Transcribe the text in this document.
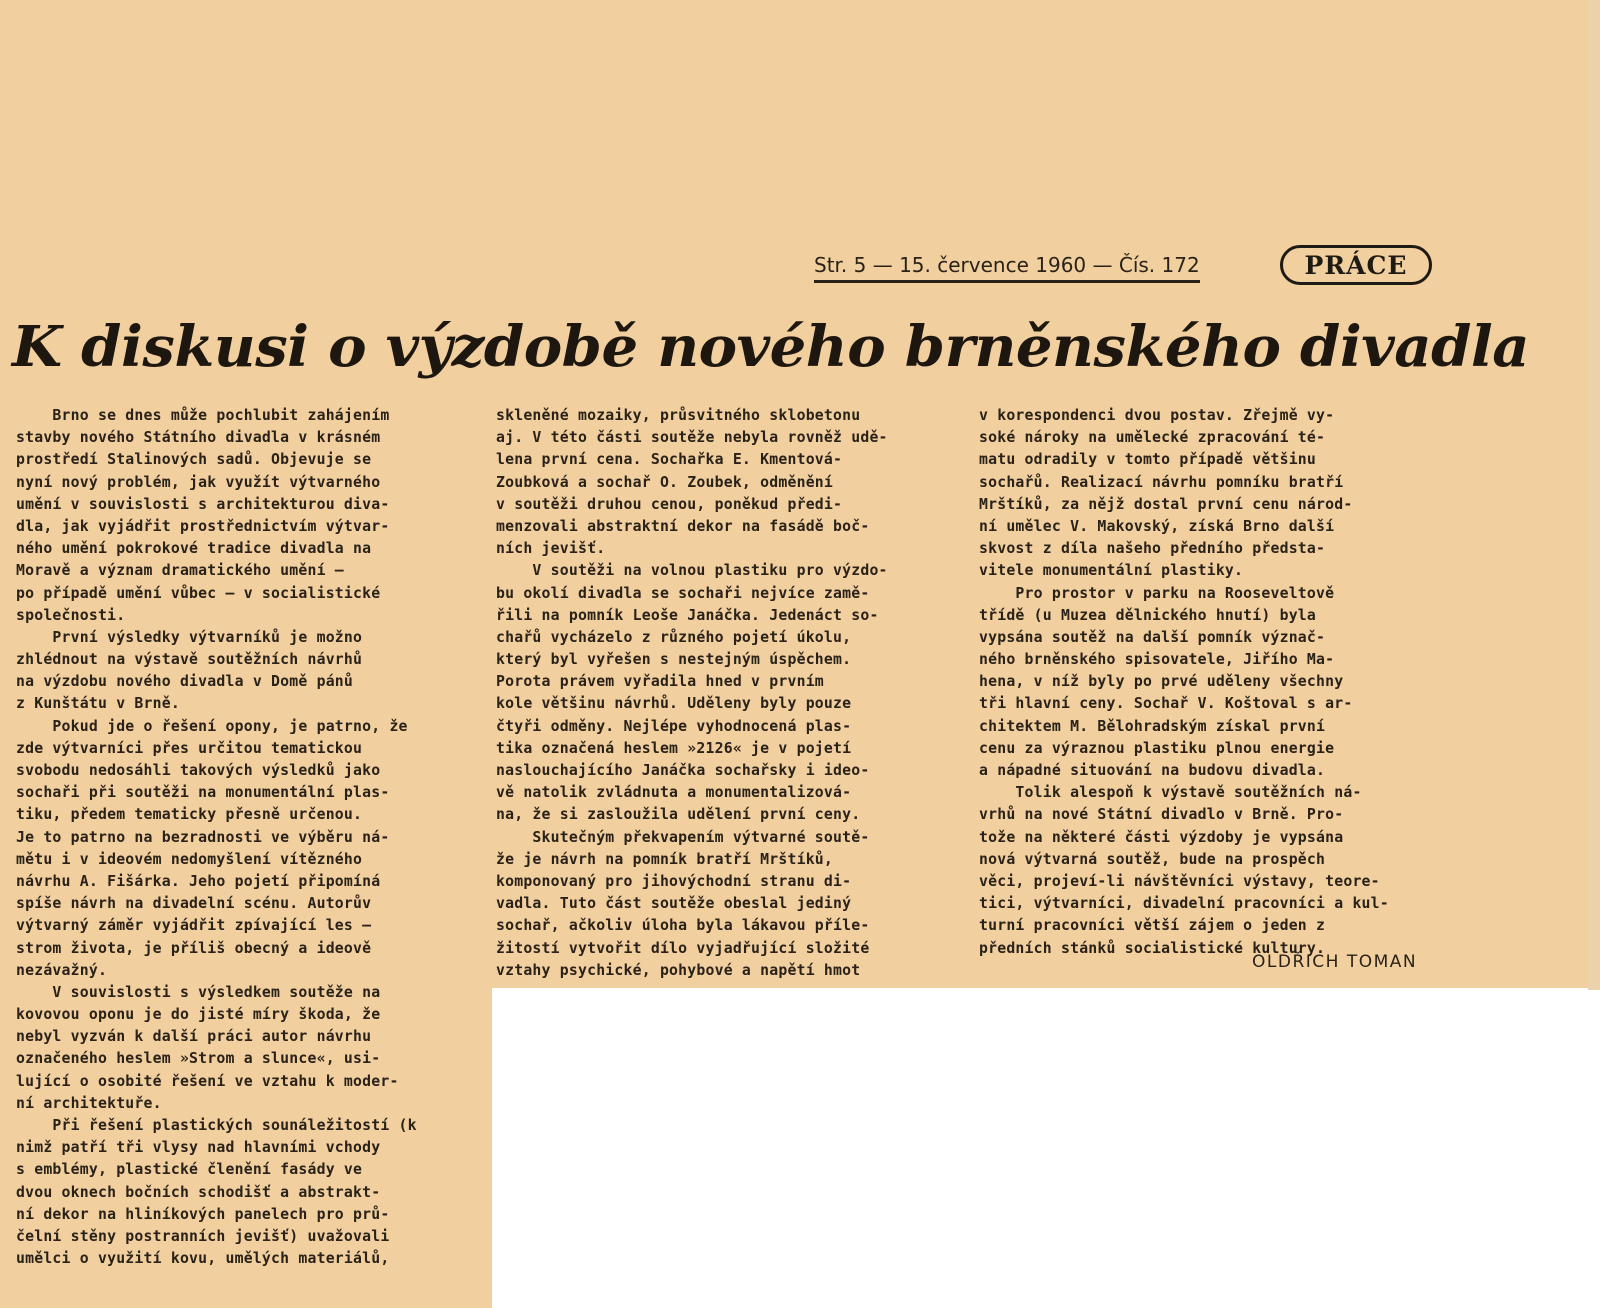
Str. 5 — 15. července 1960 — Čís. 172	PRÁCE
K diskusi o výzdobě nového brněnského divadla
Brno se dnes může pochlubit zahájením
stavby nového Státního divadla v krásném
prostředí Stalinových sadů. Objevuje se
nyní nový problém, jak využít výtvarného
umění v souvislosti s architekturou diva-
dla, jak vyjádřit prostřednictvím výtvar-
ného umění pokrokové tradice divadla na
Moravě a význam dramatického umění —
po případě umění vůbec — v socialistické
společnosti.
První výsledky výtvarníků je možno
zhlédnout na výstavě soutěžních návrhů
na výzdobu nového divadla v Domě pánů
z Kunštátu v Brně.
Pokud jde o řešení opony, je patrno, že
zde výtvarníci přes určitou tematickou
svobodu nedosáhli takových výsledků jako
sochaři při soutěži na monumentální plas-
tiku, předem tematicky přesně určenou.
Je to patrno na bezradnosti ve výběru ná-
mětu i v ideovém nedomyšlení vítězného
návrhu A. Fišárka. Jeho pojetí připomíná
spíše návrh na divadelní scénu. Autorův
výtvarný záměr vyjádřit zpívající les —
strom života, je příliš obecný a ideově
nezávažný.
V souvislosti s výsledkem soutěže na
kovovou oponu je do jisté míry škoda, že
nebyl vyzván k další práci autor návrhu
označeného heslem »Strom a slunce«, usi-
lující o osobité řešení ve vztahu k moder-
ní architektuře.
Při řešení plastických sounáležitostí (k
nimž patří tři vlysy nad hlavními vchody
s emblémy, plastické členění fasády ve
dvou oknech bočních schodišť a abstrakt-
ní dekor na hliníkových panelech pro prů-
čelní stěny postranních jevišť) uvažovali
umělci o využití kovu, umělých materiálů,
skleněné mozaiky, průsvitného sklobetonu
aj. V této části soutěže nebyla rovněž udě-
lena první cena. Sochařka E. Kmentová-
Zoubková a sochař O. Zoubek, odměnění
v soutěži druhou cenou, poněkud předi-
menzovali abstraktní dekor na fasádě boč-
ních jevišť.
V soutěži na volnou plastiku pro výzdo-
bu okolí divadla se sochaři nejvíce zamě-
řili na pomník Leoše Janáčka. Jedenáct so-
chařů vycházelo z různého pojetí úkolu,
který byl vyřešen s nestejným úspěchem.
Porota právem vyřadila hned v prvním
kole většinu návrhů. Uděleny byly pouze
čtyři odměny. Nejlépe vyhodnocená plas-
tika označená heslem »2126« je v pojetí
naslouchajícího Janáčka sochařsky i ideo-
vě natolik zvládnuta a monumentalizová-
na, že si zasloužila udělení první ceny.
Skutečným překvapením výtvarné soutě-
že je návrh na pomník bratří Mrštíků,
komponovaný pro jihovýchodní stranu di-
vadla. Tuto část soutěže obeslal jediný
sochař, ačkoliv úloha byla lákavou příle-
žitostí vytvořit dílo vyjadřující složité
vztahy psychické, pohybové a napětí hmot
v korespondenci dvou postav. Zřejmě vy-
soké nároky na umělecké zpracování té-
matu odradily v tomto případě většinu
sochařů. Realizací návrhu pomníku bratří
Mrštíků, za nějž dostal první cenu národ-
ní umělec V. Makovský, získá Brno další
skvost z díla našeho předního předsta-
vitele monumentální plastiky.
Pro prostor v parku na Rooseveltově
třídě (u Muzea dělnického hnutí) byla
vypsána soutěž na další pomník význač-
ného brněnského spisovatele, Jiřího Ma-
hena, v níž byly po prvé uděleny všechny
tři hlavní ceny. Sochař V. Koštoval s ar-
chitektem M. Bělohradským získal první
cenu za výraznou plastiku plnou energie
a nápadné situování na budovu divadla.
Tolik alespoň k výstavě soutěžních ná-
vrhů na nové Státní divadlo v Brně. Pro-
tože na některé části výzdoby je vypsána
nová výtvarná soutěž, bude na prospěch
věci, projeví-li návštěvníci výstavy, teore-
tici, výtvarníci, divadelní pracovníci a kul-
turní pracovníci větší zájem o jeden z
předních stánků socialistické kultury.
OLDŘICH TOMAN
